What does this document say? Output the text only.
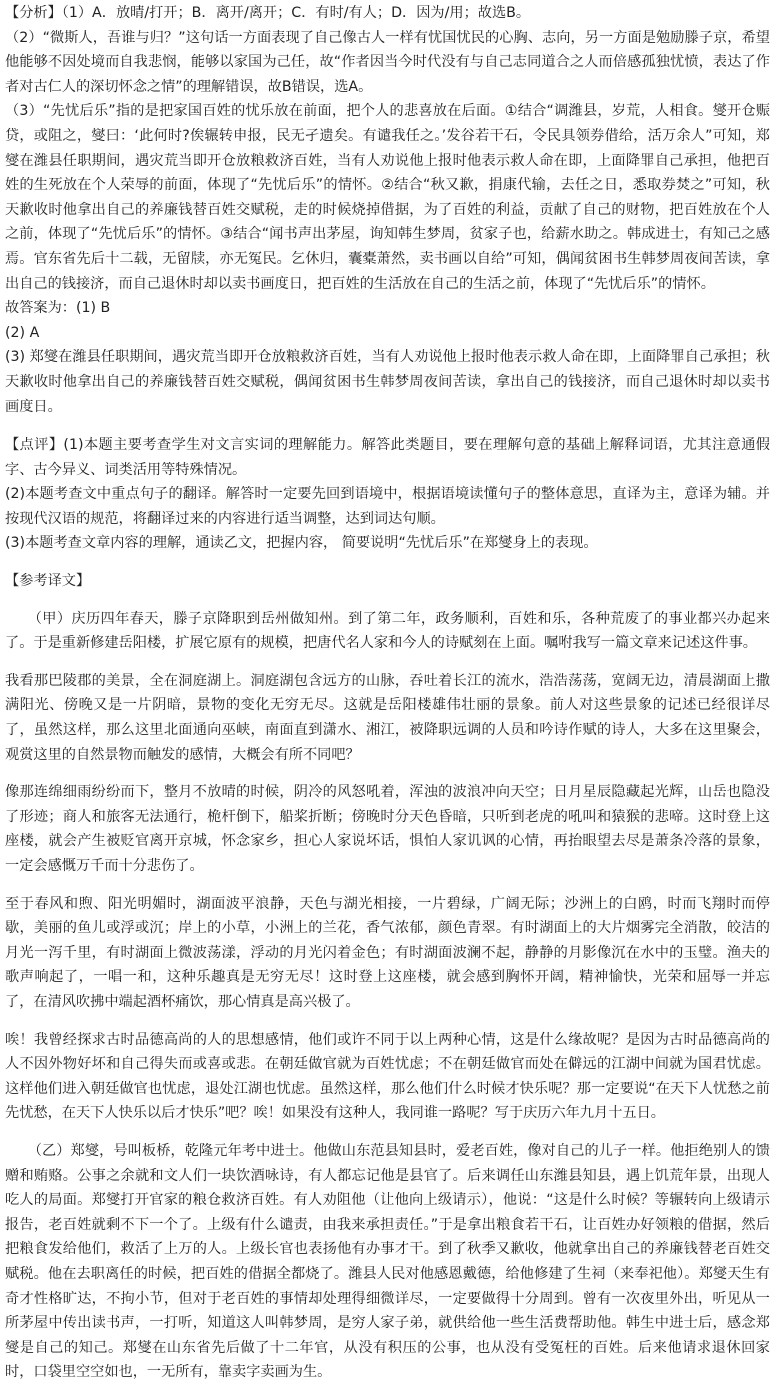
【分析】（1）A．放晴/打开；B．离开/离开；C．有时/有人；D．因为/用；故选B。

（2）“微斯人，吾谁与归？”这句话一方面表现了自己像古人一样有忧国忧民的心胸、志向，另一方面是勉励滕子京，希望他能够不因处境而自我悲悯，能够以家国为己任，故“作者因当今时代没有与自己志同道合之人而倍感孤独忧愤，表达了作者对古仁人的深切怀念之情”的理解错误，故B错误，选A。

（3）“先忧后乐”指的是把家国百姓的忧乐放在前面，把个人的悲喜放在后面。①结合“调潍县，岁荒，人相食。燮开仓赈贷，或阻之，燮曰：‘此何时?俟辗转申报，民无孑遗矣。有谴我任之。’发谷若干石，令民具领券借给，活万余人”可知，郑燮在潍县任职期间，遇灾荒当即开仓放粮救济百姓，当有人劝说他上报时他表示救人命在即，上面降罪自己承担，他把百姓的生死放在个人荣辱的前面，体现了“先忧后乐”的情怀。②结合“秋又歉，捐康代输，去任之日，悉取券焚之”可知，秋天歉收时他拿出自己的养廉钱替百姓交赋税，走的时候烧掉借据，为了百姓的利益，贡献了自己的财物，把百姓放在个人之前，体现了“先忧后乐”的情怀。③结合“闻书声出茅屋，询知韩生梦周，贫家子也，给薪水助之。韩成进士，有知己之感焉。官东省先后十二载，无留牍，亦无冤民。乞休归，囊橐萧然，卖书画以自给”可知，偶闻贫困书生韩梦周夜间苦读，拿出自己的钱接济，而自己退休时却以卖书画度日，把百姓的生活放在自己的生活之前，体现了“先忧后乐”的情怀。

故答案为：(1) B

(2) A

(3) 郑燮在潍县任职期间，遇灾荒当即开仓放粮救济百姓，当有人劝说他上报时他表示救人命在即，上面降罪自己承担；秋天歉收时他拿出自己的养廉钱替百姓交赋税，偶闻贫困书生韩梦周夜间苦读，拿出自己的钱接济，而自己退休时却以卖书画度日。

【点评】(1)本题主要考查学生对文言实词的理解能力。解答此类题目，要在理解句意的基础上解释词语，尤其注意通假字、古今异义、词类活用等特殊情况。

(2)本题考查文中重点句子的翻译。解答时一定要先回到语境中，根据语境读懂句子的整体意思，直译为主，意译为辅。并按现代汉语的规范，将翻译过来的内容进行适当调整，达到词达句顺。

(3)本题考查文章内容的理解，通读乙文，把握内容， 简要说明“先忧后乐”在郑燮身上的表现。

【参考译文】

（甲）庆历四年春天，滕子京降职到岳州做知州。到了第二年，政务顺利，百姓和乐，各种荒废了的事业都兴办起来了。于是重新修建岳阳楼，扩展它原有的规模，把唐代名人家和今人的诗赋刻在上面。嘱咐我写一篇文章来记述这件事。

我看那巴陵郡的美景，全在洞庭湖上。洞庭湖包含远方的山脉，吞吐着长江的流水，浩浩荡荡，宽阔无边，清晨湖面上撒满阳光、傍晚又是一片阴暗，景物的变化无穷无尽。这就是岳阳楼雄伟壮丽的景象。前人对这些景象的记述已经很详尽了，虽然这样，那么这里北面通向巫峡，南面直到潇水、湘江，被降职远调的人员和吟诗作赋的诗人，大多在这里聚会，观赏这里的自然景物而触发的感情，大概会有所不同吧？

像那连绵细雨纷纷而下，整月不放晴的时候，阴冷的风怒吼着，浑浊的波浪冲向天空；日月星辰隐藏起光辉，山岳也隐没了形迹；商人和旅客无法通行，桅杆倒下，船桨折断；傍晚时分天色昏暗，只听到老虎的吼叫和猿猴的悲啼。这时登上这座楼，就会产生被贬官离开京城，怀念家乡，担心人家说坏话，惧怕人家讥讽的心情，再抬眼望去尽是萧条冷落的景象，一定会感慨万千而十分悲伤了。

至于春风和煦、阳光明媚时，湖面波平浪静，天色与湖光相接，一片碧绿，广阔无际；沙洲上的白鸥，时而飞翔时而停歇，美丽的鱼儿或浮或沉；岸上的小草，小洲上的兰花，香气浓郁，颜色青翠。有时湖面上的大片烟雾完全消散，皎洁的月光一泻千里，有时湖面上微波荡漾，浮动的月光闪着金色；有时湖面波澜不起，静静的月影像沉在水中的玉璧。渔夫的歌声响起了，一唱一和，这种乐趣真是无穷无尽！这时登上这座楼，就会感到胸怀开阔，精神愉快，光荣和屈辱一并忘了，在清风吹拂中端起酒杯痛饮，那心情真是高兴极了。

唉！我曾经探求古时品德高尚的人的思想感情，他们或许不同于以上两种心情，这是什么缘故呢？是因为古时品德高尚的人不因外物好坏和自己得失而或喜或悲。在朝廷做官就为百姓忧虑；不在朝廷做官而处在僻远的江湖中间就为国君忧虑。这样他们进入朝廷做官也忧虑，退处江湖也忧虑。虽然这样，那么他们什么时候才快乐呢？那一定要说“在天下人忧愁之前先忧愁，在天下人快乐以后才快乐”吧？唉！如果没有这种人，我同谁一路呢？写于庆历六年九月十五日。

（乙）郑燮，号叫板桥，乾隆元年考中进士。他做山东范县知县时，爱老百姓，像对自己的儿子一样。他拒绝别人的馈赠和贿赂。公事之余就和文人们一块饮酒咏诗，有人都忘记他是县官了。后来调任山东潍县知县，遇上饥荒年景，出现人吃人的局面。郑燮打开官家的粮仓救济百姓。有人劝阻他（让他向上级请示），他说：“这是什么时候？等辗转向上级请示报告，老百姓就剩不下一个了。上级有什么谴责，由我来承担责任。”于是拿出粮食若干石，让百姓办好领粮的借据，然后把粮食发给他们，救活了上万的人。上级长官也表扬他有办事才干。到了秋季又歉收，他就拿出自己的养廉钱替老百姓交赋税。他在去职离任的时候，把百姓的借据全都烧了。潍县人民对他感恩戴德，给他修建了生祠（来奉祀他）。郑燮天生有奇才性格旷达，不拘小节，但对于老百姓的事情却处理得细微详尽，一定要做得十分周到。曾有一次夜里外出，听见从一所茅屋中传出读书声，一打听，知道这人叫韩梦周，是穷人家子弟，就供给他一些生活费帮助他。韩生中进士后，感念郑燮是自己的知己。郑燮在山东省先后做了十二年官，从没有积压的公事，也从没有受冤枉的百姓。后来他请求退休回家时，口袋里空空如也，一无所有，靠卖字卖画为生。
